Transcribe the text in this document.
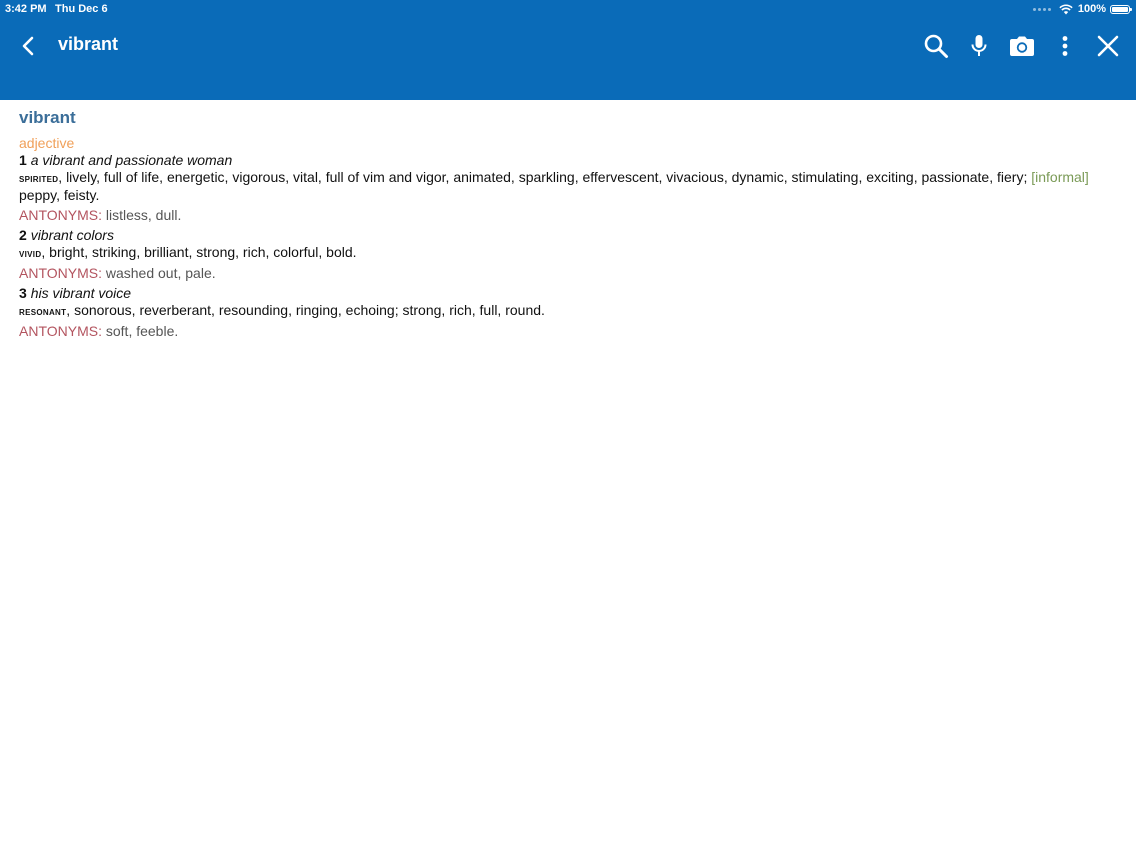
3:42 PM Thu Dec 6	100%
vibrant
vibrant
adjective
1 a vibrant and passionate woman
spirited, lively, full of life, energetic, vigorous, vital, full of vim and vigor, animated, sparkling, effervescent, vivacious, dynamic, stimulating, exciting, passionate, fiery; [informal] peppy, feisty.
ANTONYMS: listless, dull.
2 vibrant colors
vivid, bright, striking, brilliant, strong, rich, colorful, bold.
ANTONYMS: washed out, pale.
3 his vibrant voice
resonant, sonorous, reverberant, resounding, ringing, echoing; strong, rich, full, round.
ANTONYMS: soft, feeble.
